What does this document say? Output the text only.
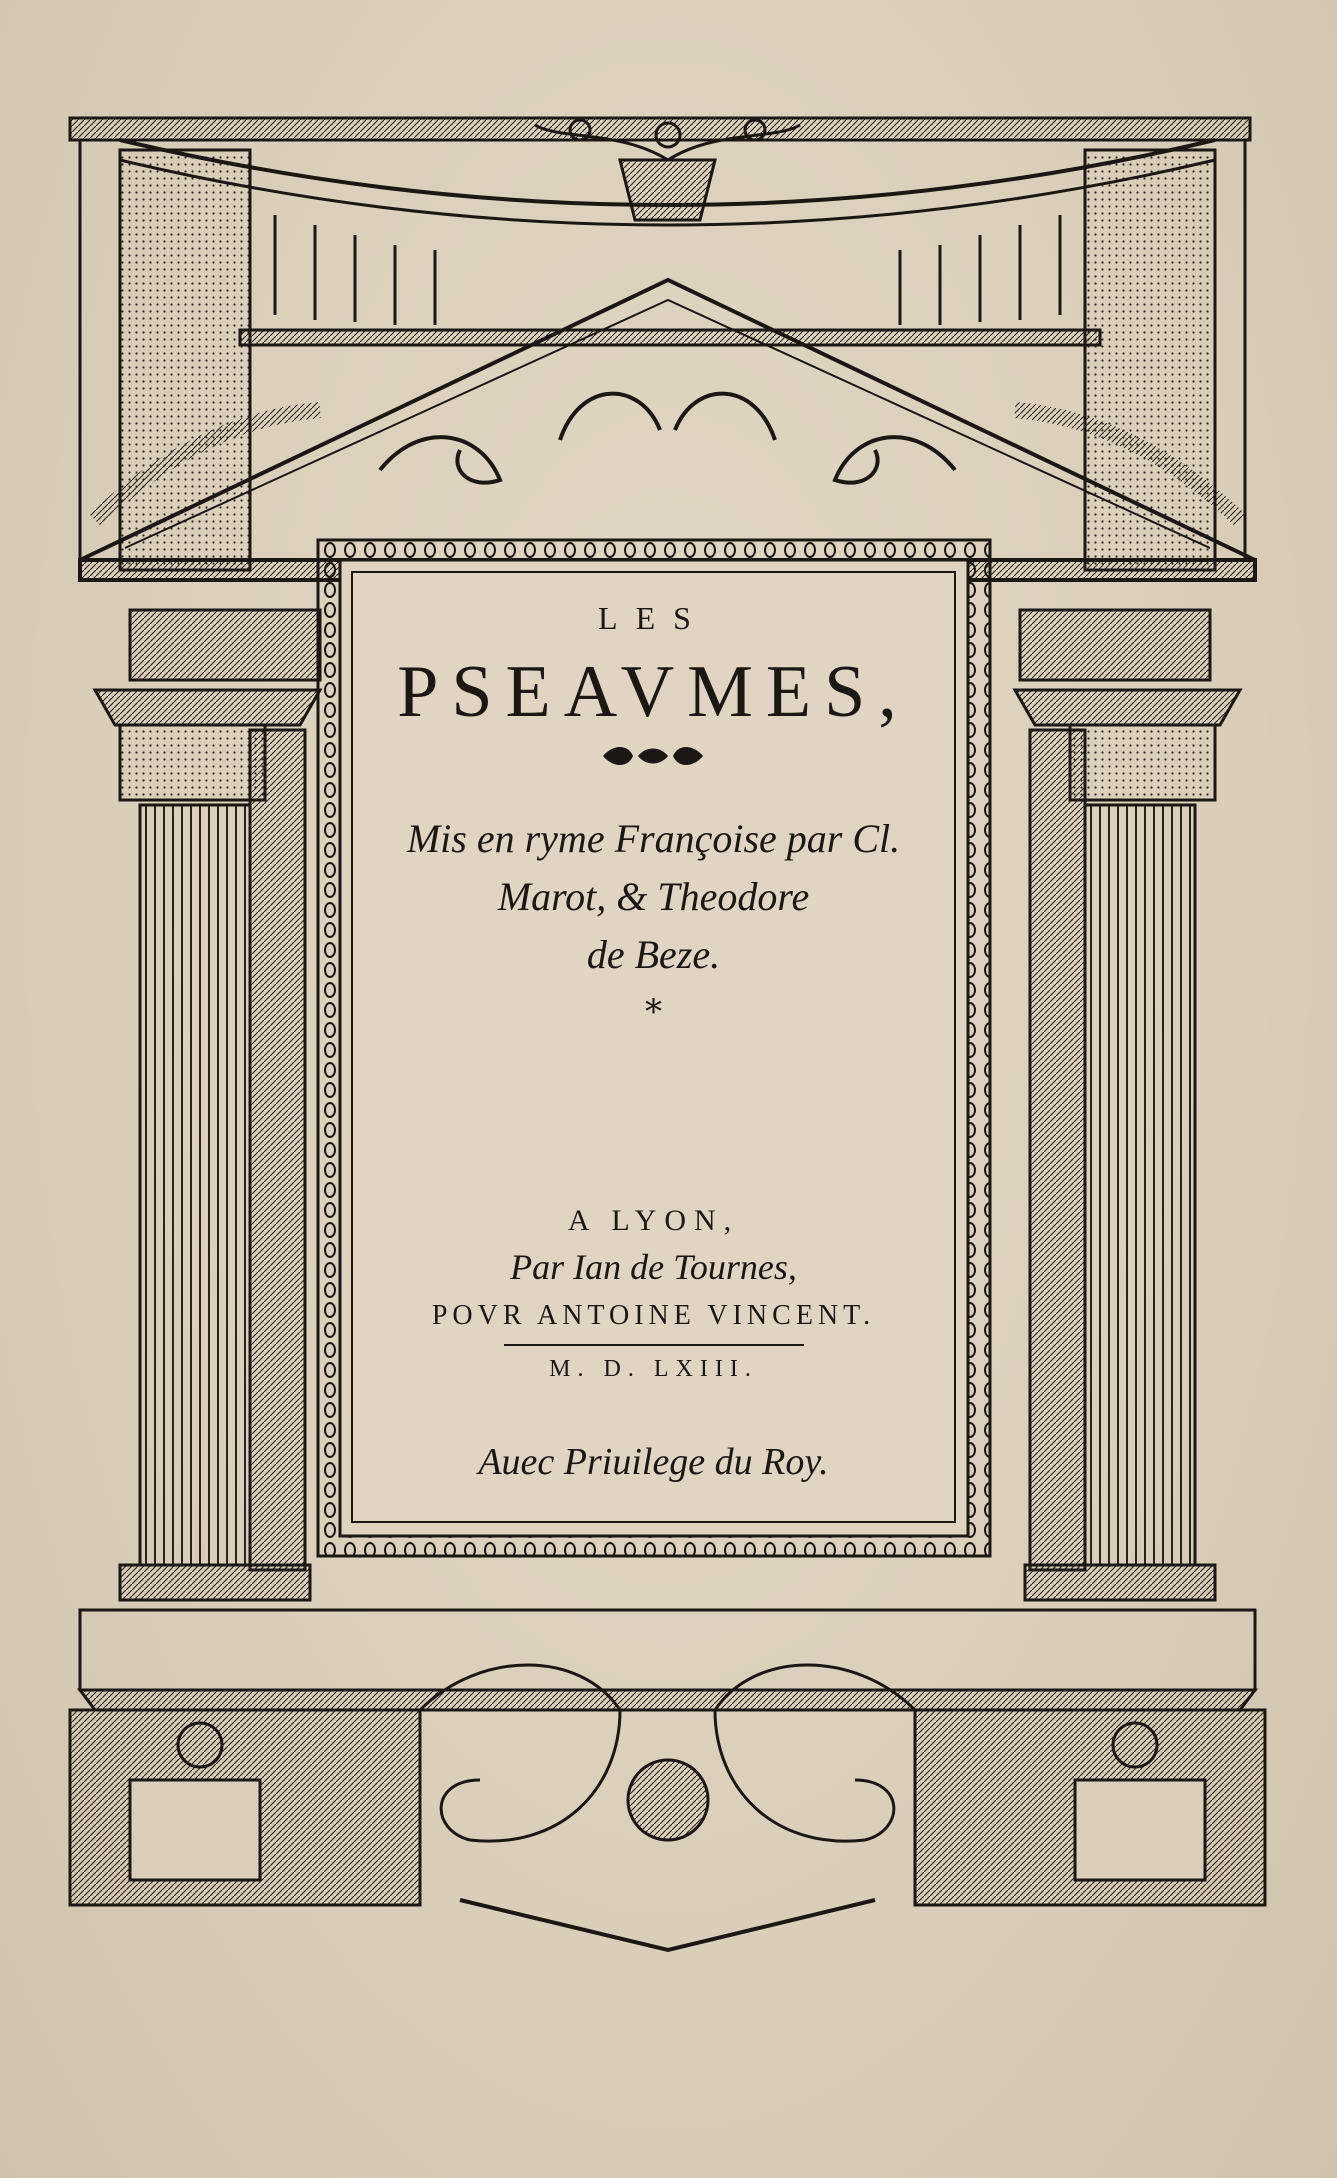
LES
PSEAVMES,
Mis en ryme Françoise par Cl.
Marot, & Theodore
de Beze.
*
A LYON,
Par Ian de Tournes,
POVR ANTOINE VINCENT.
M. D. LXIII.
Auec Priuilege du Roy.
